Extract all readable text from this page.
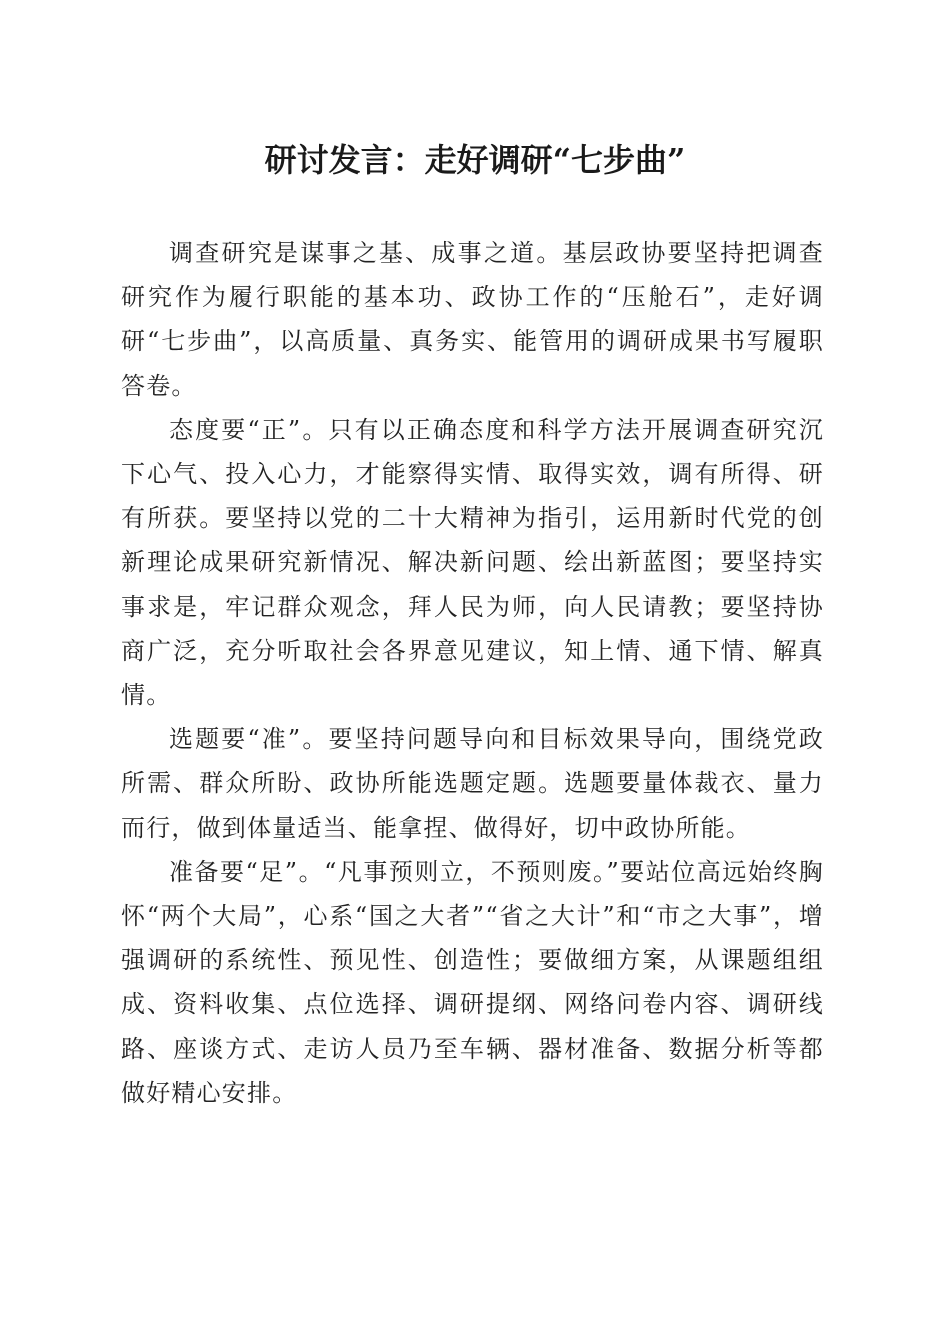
研讨发言：走好调研“七步曲”

调查研究是谋事之基、成事之道。基层政协要坚持把调查研究作为履行职能的基本功、政协工作的“压舱石”，走好调研“七步曲”，以高质量、真务实、能管用的调研成果书写履职答卷。

态度要“正”。只有以正确态度和科学方法开展调查研究沉下心气、投入心力，才能察得实情、取得实效，调有所得、研有所获。要坚持以党的二十大精神为指引，运用新时代党的创新理论成果研究新情况、解决新问题、绘出新蓝图；要坚持实事求是，牢记群众观念，拜人民为师，向人民请教；要坚持协商广泛，充分听取社会各界意见建议，知上情、通下情、解真情。

选题要“准”。要坚持问题导向和目标效果导向，围绕党政所需、群众所盼、政协所能选题定题。选题要量体裁衣、量力而行，做到体量适当、能拿捏、做得好，切中政协所能。

准备要“足”。“凡事预则立，不预则废。”要站位高远始终胸怀“两个大局”，心系“国之大者”“省之大计”和“市之大事”，增强调研的系统性、预见性、创造性；要做细方案，从课题组组成、资料收集、点位选择、调研提纲、网络问卷内容、调研线路、座谈方式、走访人员乃至车辆、器材准备、数据分析等都做好精心安排。
